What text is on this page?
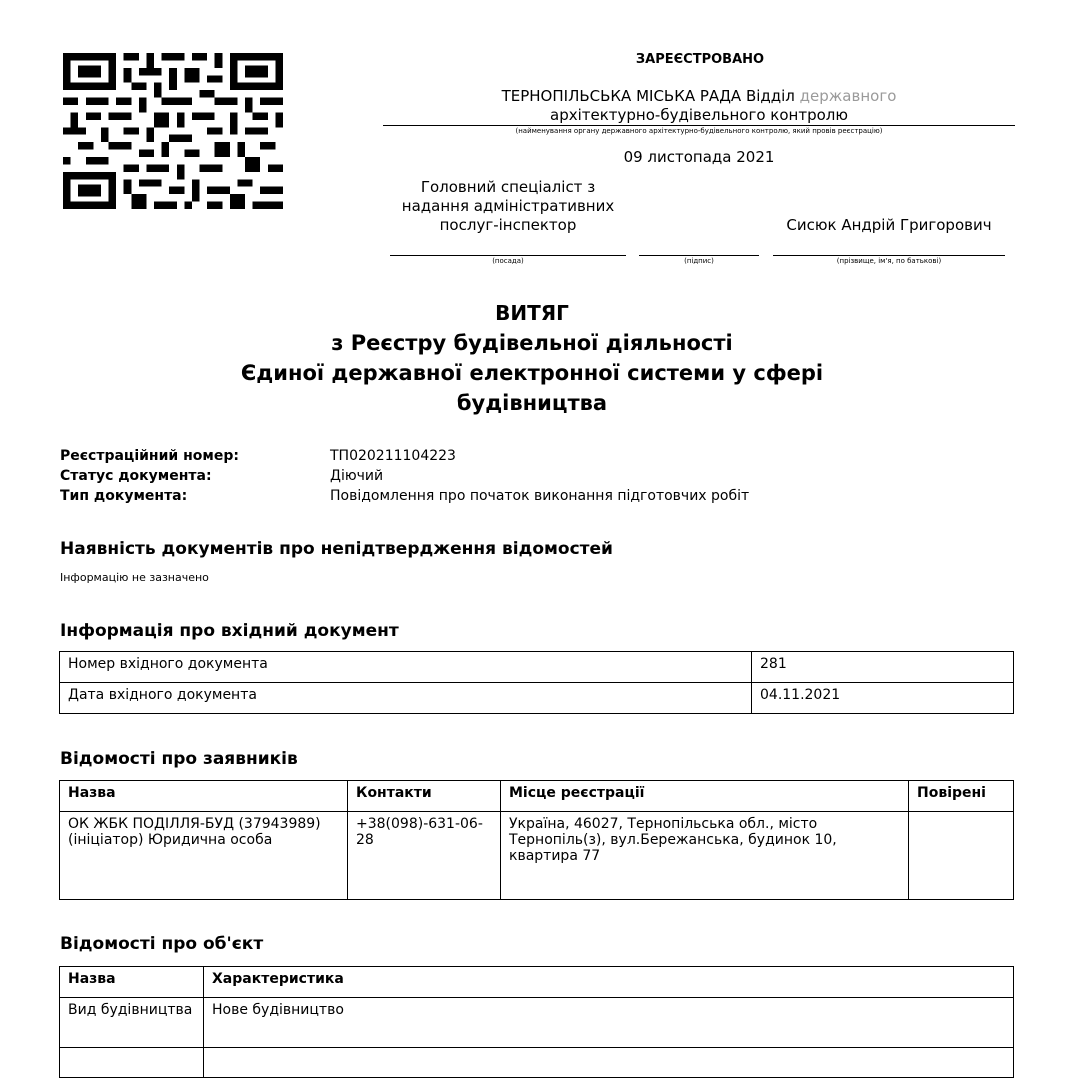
ЗАРЕЄСТРОВАНО
ТЕРНОПІЛЬСЬКА МІСЬКА РАДА Відділ державного
архітектурно-будівельного контролю
(найменування органу державного архітектурно-будівельного контролю, який провів реєстрацію)
09 листопада 2021
Головний спеціаліст з надання адміністративних послуг-інспектор	Сисюк Андрій Григорович
(посада)	(підпис)	(прізвище, ім'я, по батькові)
ВИТЯГ
з Реєстру будівельної діяльності
Єдиної державної електронної системи у сфері
будівництва
Реєстраційний номер:	ТП020211104223
Статус документа:	Діючий
Тип документа:	Повідомлення про початок виконання підготовчих робіт
Наявність документів про непідтвердження відомостей
Інформацію не зазначено
Інформація про вхідний документ
Номер вхідного документа	281
Дата вхідного документа	04.11.2021
Відомості про заявників
Назва	Контакти	Місце реєстрації	Повірені
ОК ЖБК ПОДІЛЛЯ-БУД (37943989) (ініціатор) Юридична особа	+38(098)-631-06-28	Україна, 46027, Тернопільська обл., місто Тернопіль(з), вул.Бережанська, будинок 10, квартира 77	
Відомості про об'єкт
Назва	Характеристика
Вид будівництва	Нове будівництво
